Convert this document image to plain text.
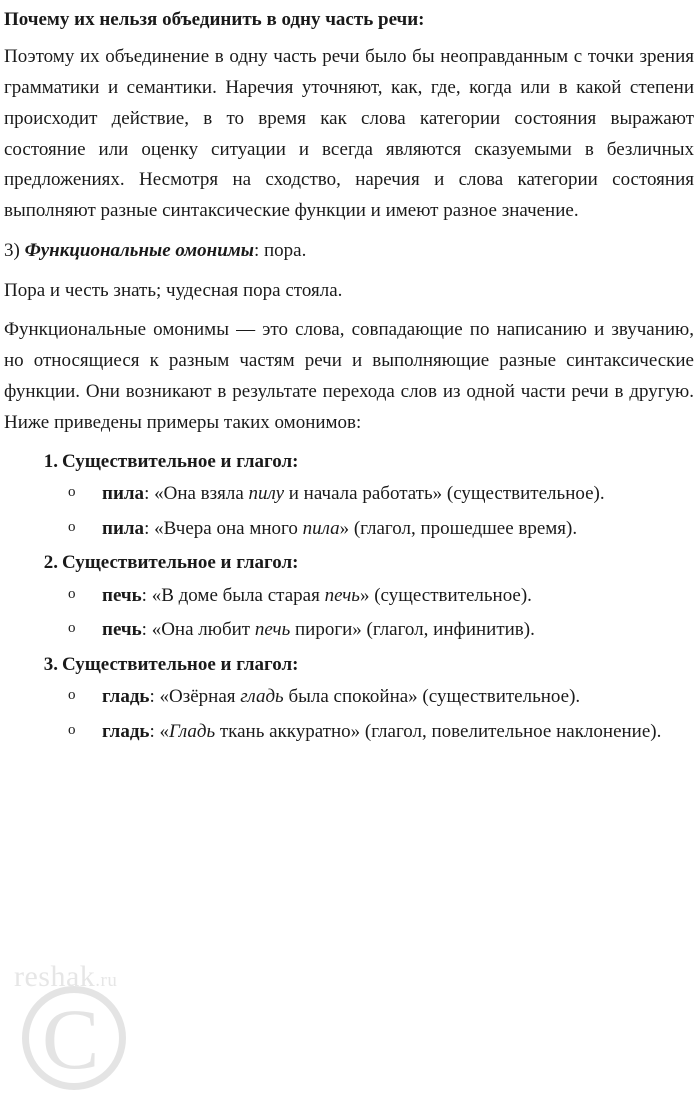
Почему их нельзя объединить в одну часть речи:

Поэтому их объединение в одну часть речи было бы неоправданным с точки зрения грамматики и семантики. Наречия уточняют, как, где, когда или в какой степени происходит действие, в то время как слова категории состояния выражают состояние или оценку ситуации и всегда являются сказуемыми в безличных предложениях. Несмотря на сходство, наречия и слова категории состояния выполняют разные синтаксические функции и имеют разное значение.

3) Функциональные омонимы: пора.

Пора и честь знать; чудесная пора стояла.

Функциональные омонимы — это слова, совпадающие по написанию и звучанию, но относящиеся к разным частям речи и выполняющие разные синтаксические функции. Они возникают в результате перехода слов из одной части речи в другую. Ниже приведены примеры таких омонимов:

1. Существительное и глагол:
o пила: «Она взяла пилу и начала работать» (существительное).
o пила: «Вчера она много пила» (глагол, прошедшее время).
2. Существительное и глагол:
o печь: «В доме была старая печь» (существительное).
o печь: «Она любит печь пироги» (глагол, инфинитив).
3. Существительное и глагол:
o гладь: «Озёрная гладь была спокойна» (существительное).
o гладь: «Гладь ткань аккуратно» (глагол, повелительное наклонение).
reshak.ru
C
